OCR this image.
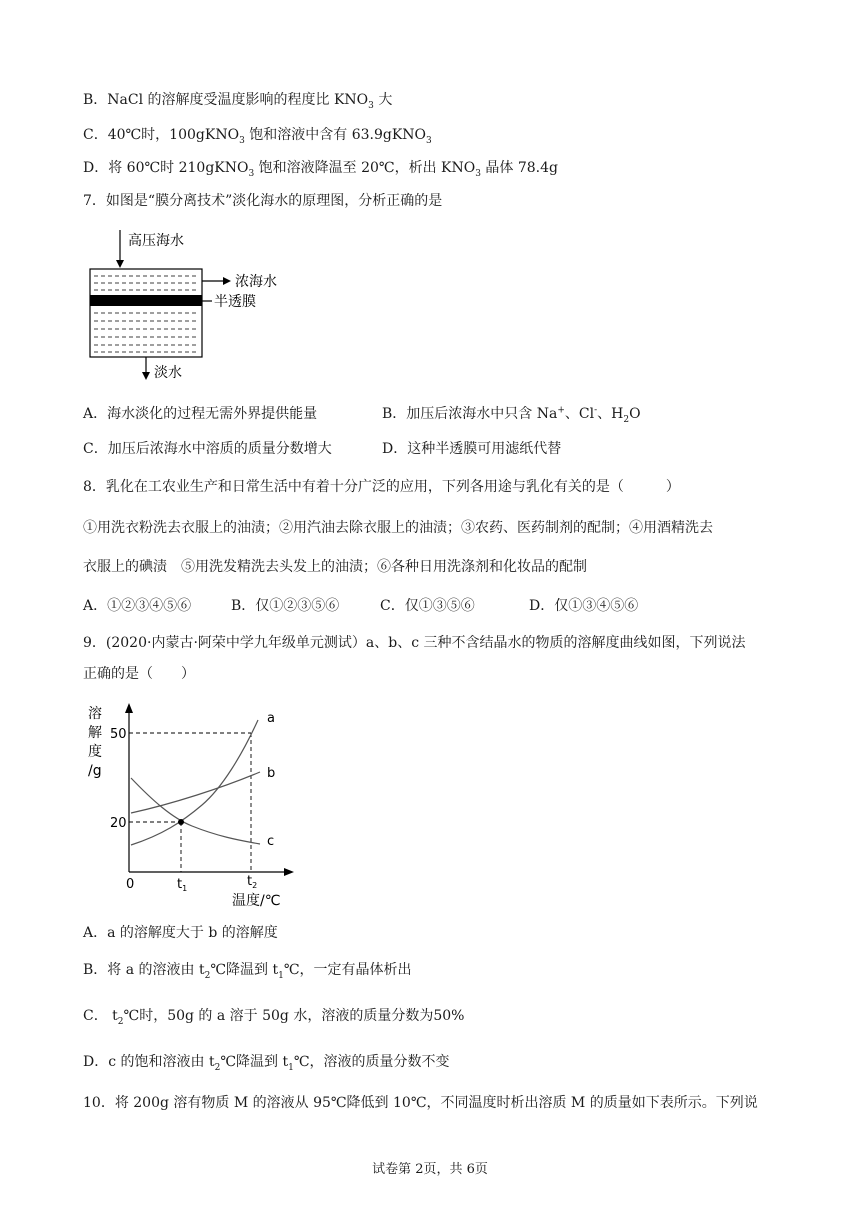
B．NaCl 的溶解度受温度影响的程度比 $KNO_3$ 大
C．40℃时，100gKNO$_3$ 饱和溶液中含有 63.9gKNO$_3$
D．将 60℃时 210gKNO$_3$ 饱和溶液降温至 20℃，析出 $KNO_3$ 晶体 78.4g
7．如图是“膜分离技术”淡化海水的原理图，分析正确的是
高压海水
浓海水
半透膜
淡水
A．海水淡化的过程无需外界提供能量	B．加压后浓海水中只含 Na+、Cl-、$H_2O$
C．加压后浓海水中溶质的质量分数增大	D．这种半透膜可用滤纸代替
8．乳化在工农业生产和日常生活中有着十分广泛的应用，下列各用途与乳化有关的是（　　　）
①用洗衣粉洗去衣服上的油渍；②用汽油去除衣服上的油渍；③农药、医药制剂的配制；④用酒精洗去
衣服上的碘渍　⑤用洗发精洗去头发上的油渍；⑥各种日用洗涤剂和化妆品的配制
A．①②③④⑤⑥	B．仅①②③⑤⑥	C．仅①③⑤⑥	D．仅①③④⑤⑥
9．(2020·内蒙古·阿荣中学九年级单元测试）a、b、c 三种不含结晶水的物质的溶解度曲线如图，下列说法
正确的是（　　）
溶
解
度
/g
50
20
0	$t_1$	$t_2$
温度/℃
a
b
c
A．a 的溶解度大于 b 的溶解度
B．将 a 的溶液由 $t_2℃$降温到 $t_1℃$，一定有晶体析出
C． $t_2℃$时，50g 的 a 溶于 50g 水，溶液的质量分数为50%
D．c 的饱和溶液由 $t_2℃$降温到 $t_1℃$，溶液的质量分数不变
10．将 200g 溶有物质 M 的溶液从 95℃降低到 10℃，不同温度时析出溶质 M 的质量如下表所示。下列说
试卷第 2页，共 6页
